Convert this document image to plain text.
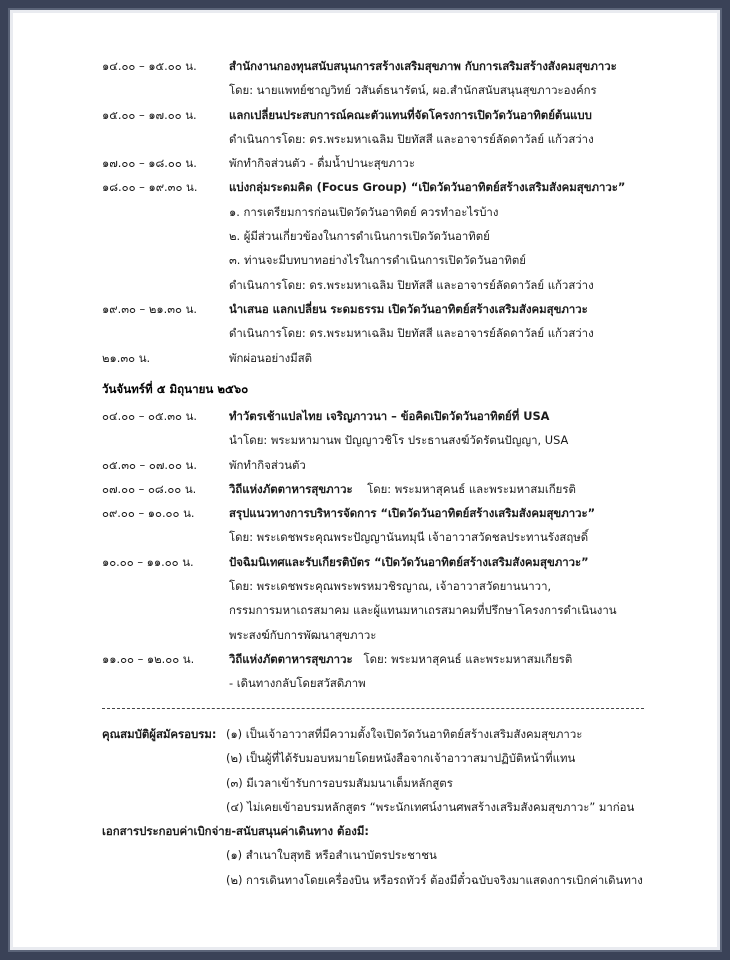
๑๔.๐๐ – ๑๕.๐๐ น.	สำนักงานกองทุนสนับสนุนการสร้างเสริมสุขภาพ กับการเสริมสร้างสังคมสุขภาวะ
โดย: นายแพทย์ชาญวิทย์ วสันต์ธนารัตน์, ผอ.สำนักสนับสนุนสุขภาวะองค์กร
๑๕.๐๐ – ๑๗.๐๐ น.	แลกเปลี่ยนประสบการณ์คณะตัวแทนที่จัดโครงการเปิดวัดวันอาทิตย์ต้นแบบ
ดำเนินการโดย: ดร.พระมหาเฉลิม ปิยทัสสี และอาจารย์ลัดดาวัลย์ แก้วสว่าง
๑๗.๐๐ – ๑๘.๐๐ น.	พักทำกิจส่วนตัว - ดื่มน้ำปานะสุขภาวะ
๑๘.๐๐ – ๑๙.๓๐ น.	แบ่งกลุ่มระดมคิด (Focus Group) “เปิดวัดวันอาทิตย์สร้างเสริมสังคมสุขภาวะ”
๑. การเตรียมการก่อนเปิดวัดวันอาทิตย์ ควรทำอะไรบ้าง
๒. ผู้มีส่วนเกี่ยวข้องในการดำเนินการเปิดวัดวันอาทิตย์
๓. ท่านจะมีบทบาทอย่างไรในการดำเนินการเปิดวัดวันอาทิตย์
ดำเนินการโดย: ดร.พระมหาเฉลิม ปิยทัสสี และอาจารย์ลัดดาวัลย์ แก้วสว่าง
๑๙.๓๐ – ๒๑.๓๐ น.	นำเสนอ แลกเปลี่ยน ระดมธรรม เปิดวัดวันอาทิตย์สร้างเสริมสังคมสุขภาวะ
ดำเนินการโดย: ดร.พระมหาเฉลิม ปิยทัสสี และอาจารย์ลัดดาวัลย์ แก้วสว่าง
๒๑.๓๐ น.	พักผ่อนอย่างมีสติ
วันจันทร์ที่ ๕ มิถุนายน ๒๕๖๐
๐๔.๐๐ – ๐๕.๓๐ น.	ทำวัตรเช้าแปลไทย เจริญภาวนา – ข้อคิดเปิดวัดวันอาทิตย์ที่ USA
นำโดย: พระมหามานพ ปัญญาวชิโร ประธานสงฆ์วัดรัตนปัญญา, USA
๐๕.๓๐ – ๐๗.๐๐ น.	พักทำกิจส่วนตัว
๐๗.๐๐ – ๐๘.๐๐ น.	วิถีแห่งภัตตาหารสุขภาวะ    โดย: พระมหาสุคนธ์ และพระมหาสมเกียรติ
๐๙.๐๐ – ๑๐.๐๐ น.	สรุปแนวทางการบริหารจัดการ “เปิดวัดวันอาทิตย์สร้างเสริมสังคมสุขภาวะ”
โดย: พระเดชพระคุณพระปัญญานันทมุนี เจ้าอาวาสวัดชลประทานรังสฤษดิ์
๑๐.๐๐ – ๑๑.๐๐ น.	ปัจฉิมนิเทศและรับเกียรติบัตร “เปิดวัดวันอาทิตย์สร้างเสริมสังคมสุขภาวะ”
โดย: พระเดชพระคุณพระพรหมวชิรญาณ, เจ้าอาวาสวัดยานนาวา,
กรรมการมหาเถรสมาคม และผู้แทนมหาเถรสมาคมที่ปรึกษาโครงการดำเนินงาน
พระสงฆ์กับการพัฒนาสุขภาวะ
๑๑.๐๐ – ๑๒.๐๐ น.	วิถีแห่งภัตตาหารสุขภาวะ   โดย: พระมหาสุคนธ์ และพระมหาสมเกียรติ
- เดินทางกลับโดยสวัสดิภาพ
คุณสมบัติผู้สมัครอบรม: (๑) เป็นเจ้าอาวาสที่มีความตั้งใจเปิดวัดวันอาทิตย์สร้างเสริมสังคมสุขภาวะ
(๒) เป็นผู้ที่ได้รับมอบหมายโดยหนังสือจากเจ้าอาวาสมาปฏิบัติหน้าที่แทน
(๓) มีเวลาเข้ารับการอบรมสัมมนาเต็มหลักสูตร
(๔) ไม่เคยเข้าอบรมหลักสูตร “พระนักเทศน์งานศพสร้างเสริมสังคมสุขภาวะ” มาก่อน
เอกสารประกอบค่าเบิกจ่าย-สนับสนุนค่าเดินทาง ต้องมี:
(๑) สำเนาใบสุทธิ หรือสำเนาบัตรประชาชน
(๒) การเดินทางโดยเครื่องบิน หรือรถทัวร์ ต้องมีตั๋วฉบับจริงมาแสดงการเบิกค่าเดินทาง
